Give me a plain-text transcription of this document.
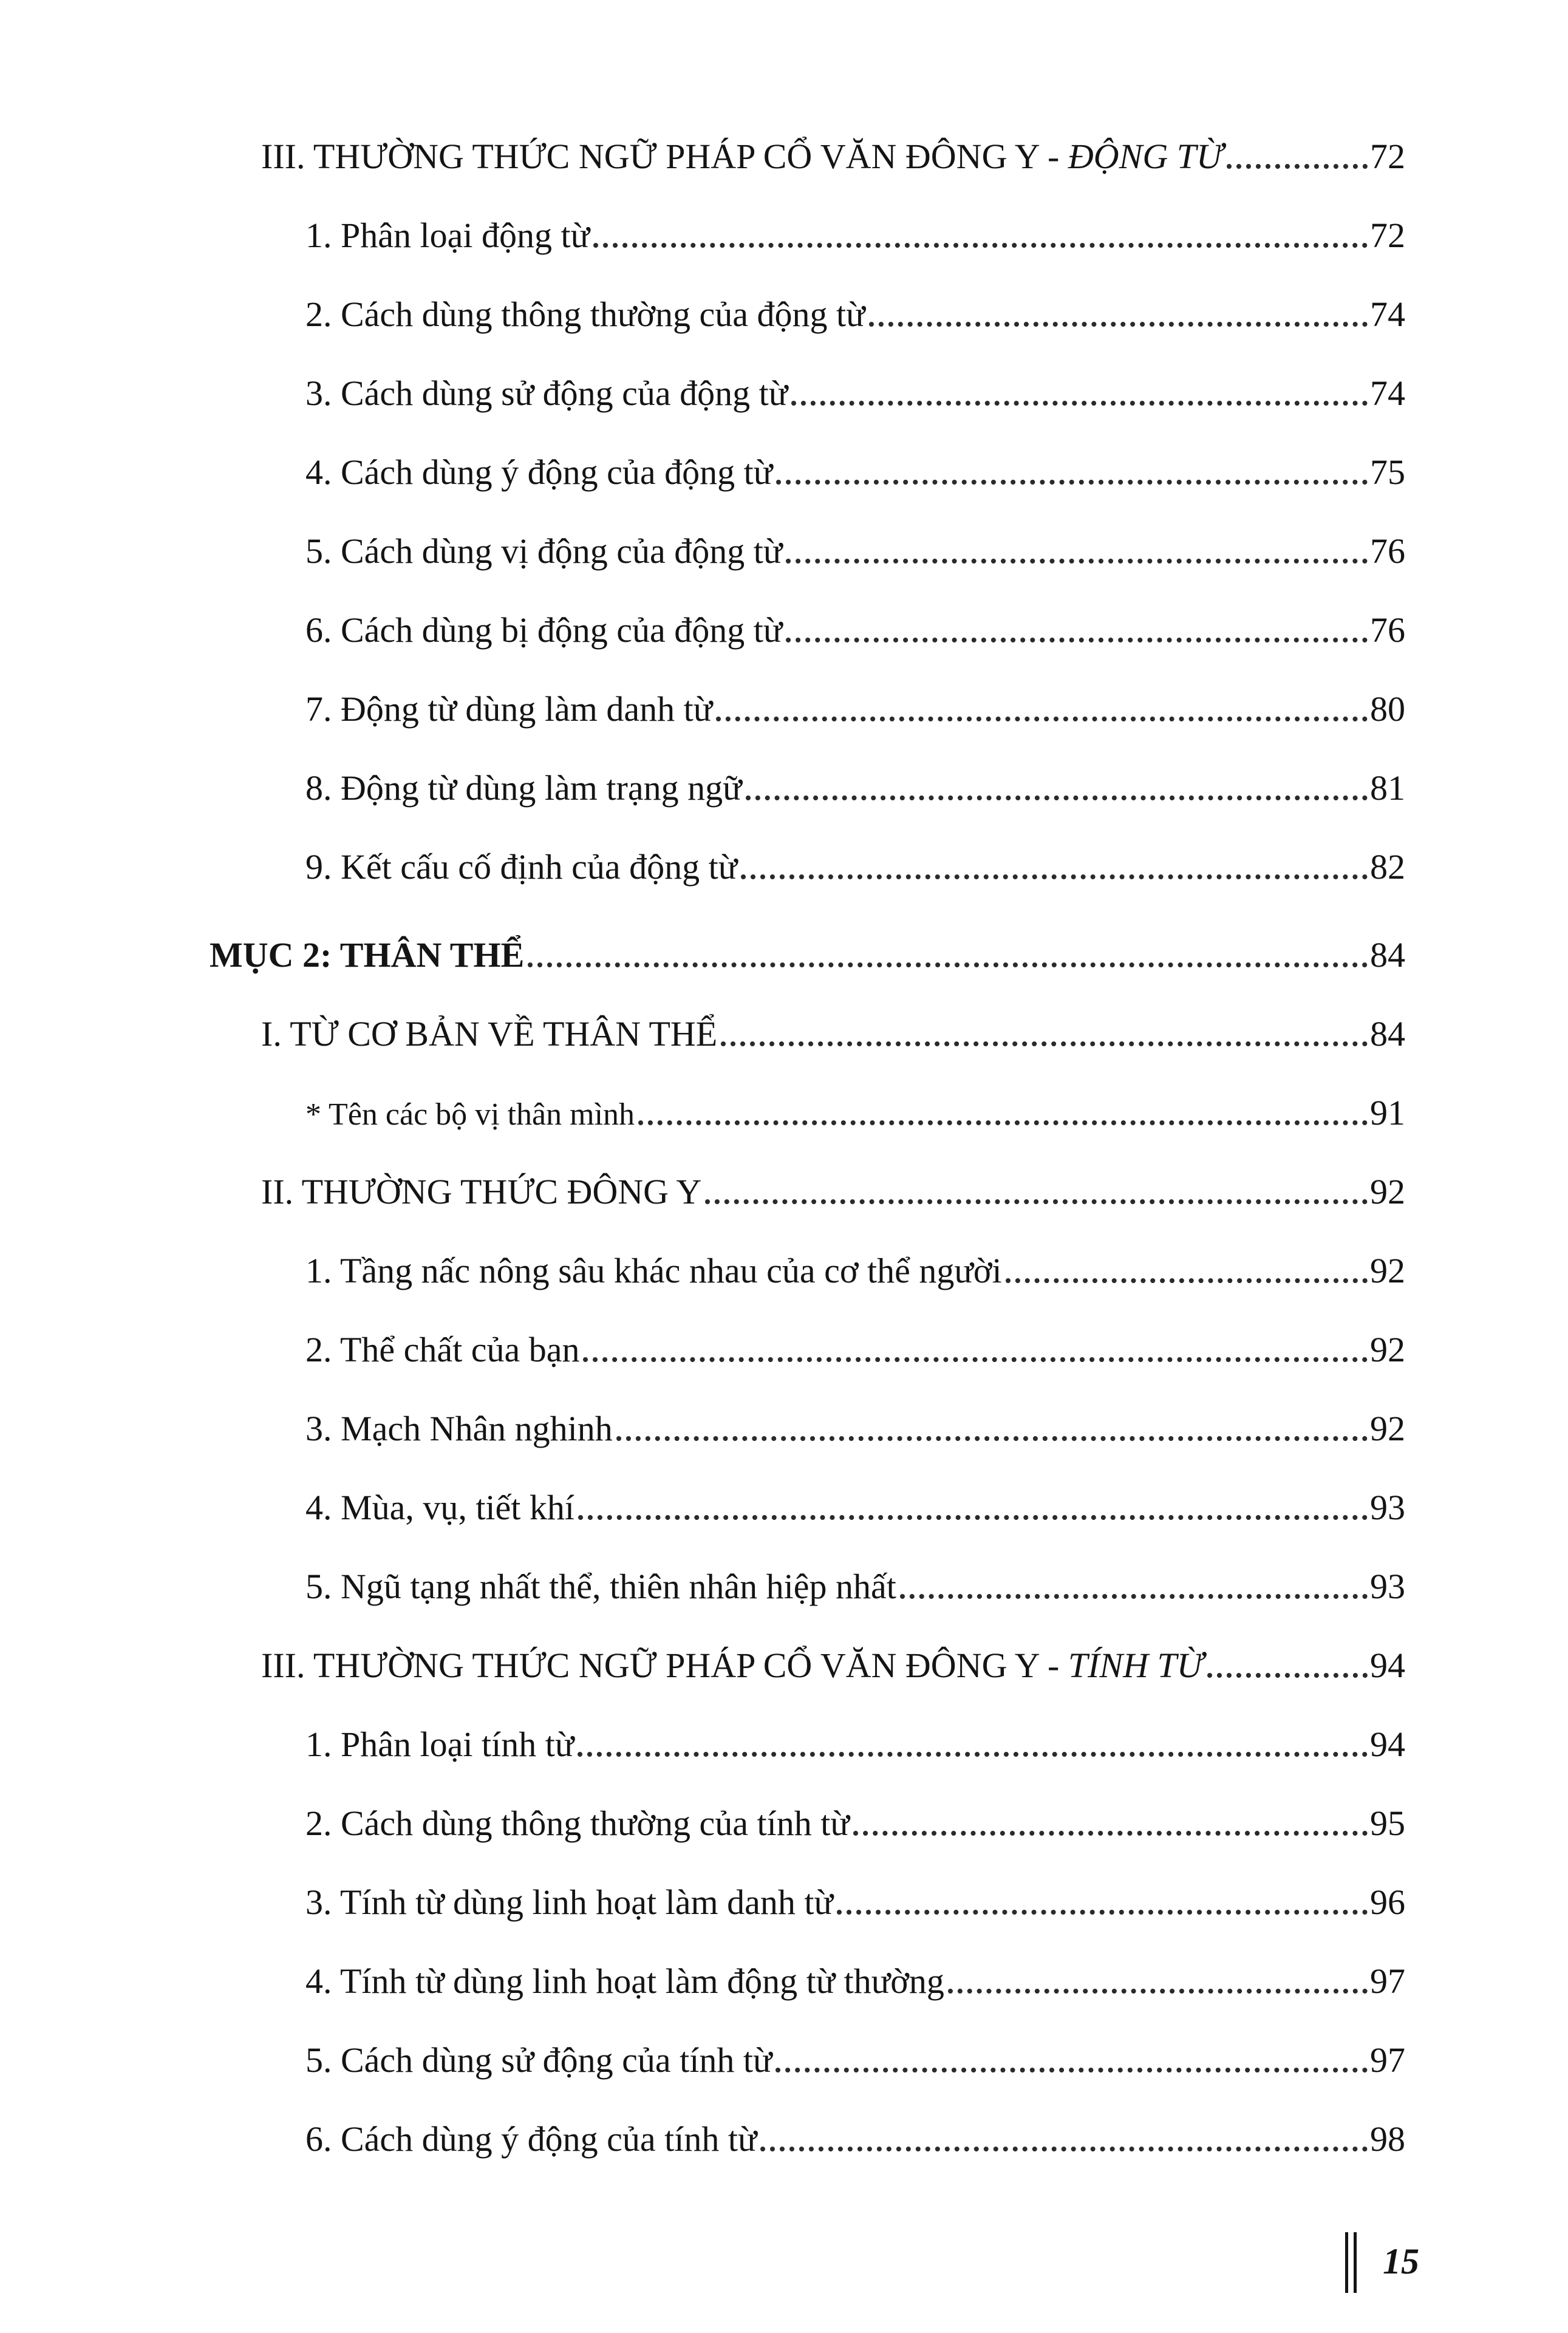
III. THƯỜNG THỨC NGỮ PHÁP CỔ VĂN ĐÔNG Y - ĐỘNG TỪ	72
1. Phân loại động từ	72
2. Cách dùng thông thường của động từ	74
3. Cách dùng sử động của động từ	74
4. Cách dùng ý động của động từ	75
5. Cách dùng vị động của động từ	76
6. Cách dùng bị động của động từ	76
7. Động từ dùng làm danh từ	80
8. Động từ dùng làm trạng ngữ	81
9. Kết cấu cố định của động từ	82
MỤC 2: THÂN THỂ	84
I. TỪ CƠ BẢN VỀ THÂN THỂ	84
* Tên các bộ vị thân mình	91
II. THƯỜNG THỨC ĐÔNG Y	92
1. Tầng nấc nông sâu khác nhau của cơ thể người	92
2. Thể chất của bạn	92
3. Mạch Nhân nghinh	92
4. Mùa, vụ, tiết khí	93
5. Ngũ tạng nhất thể, thiên nhân hiệp nhất	93
III. THƯỜNG THỨC NGỮ PHÁP CỔ VĂN ĐÔNG Y - TÍNH TỪ	94
1. Phân loại tính từ	94
2. Cách dùng thông thường của tính từ	95
3. Tính từ dùng linh hoạt làm danh từ	96
4. Tính từ dùng linh hoạt làm động từ thường	97
5. Cách dùng sử động của tính từ	97
6. Cách dùng ý động của tính từ	98
15
